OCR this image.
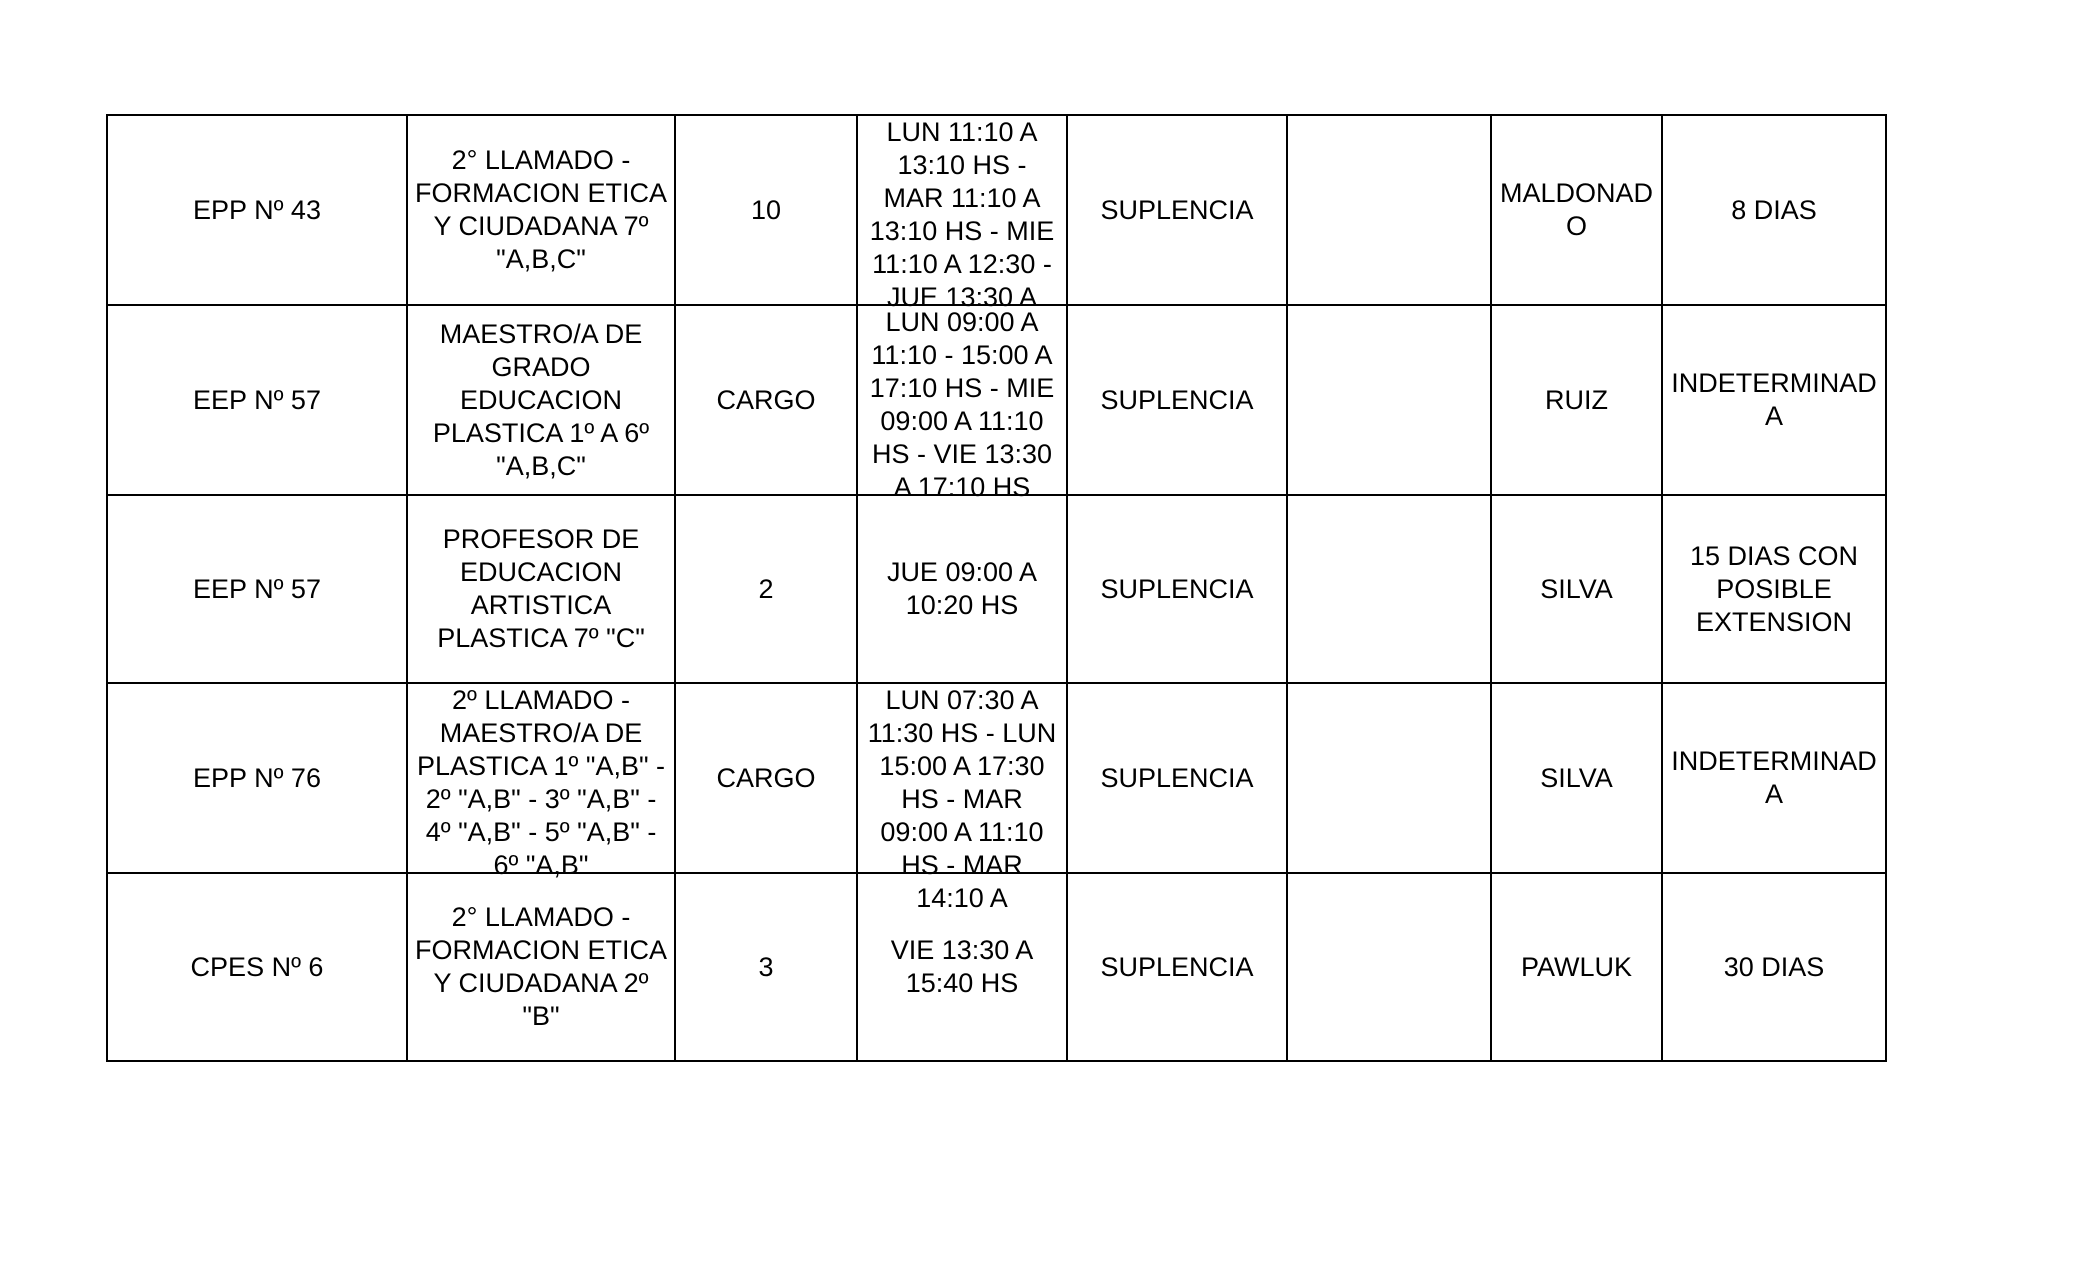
EPP Nº 43	2° LLAMADO - FORMACION ETICA Y CIUDADANA 7º "A,B,C"	10	LUN 11:10 A 13:10 HS - MAR 11:10 A 13:10 HS - MIE 11:10 A 12:30 - JUE 13:30 A	SUPLENCIA		MALDONADO	8 DIAS

EEP Nº 57	MAESTRO/A DE GRADO EDUCACION PLASTICA 1º A 6º "A,B,C"	CARGO	LUN 09:00 A 11:10 - 15:00 A 17:10 HS - MIE 09:00 A 11:10 HS - VIE 13:30 A 17:10 HS	SUPLENCIA		RUIZ	INDETERMINADA

EEP Nº 57	PROFESOR DE EDUCACION ARTISTICA PLASTICA 7º "C"	2	JUE 09:00 A 10:20 HS	SUPLENCIA		SILVA	15 DIAS CON POSIBLE EXTENSION

EPP Nº 76	2º LLAMADO - MAESTRO/A DE PLASTICA 1º "A,B" - 2º "A,B" - 3º "A,B" - 4º "A,B" - 5º "A,B" - 6º "A,B"	CARGO	LUN 07:30 A 11:30 HS - LUN 15:00 A 17:30 HS - MAR 09:00 A 11:10 HS - MAR 14:10 A	SUPLENCIA		SILVA	INDETERMINADA

CPES Nº 6	2° LLAMADO - FORMACION ETICA Y CIUDADANA 2º "B"	3	VIE 13:30 A 15:40 HS	SUPLENCIA		PAWLUK	30 DIAS
